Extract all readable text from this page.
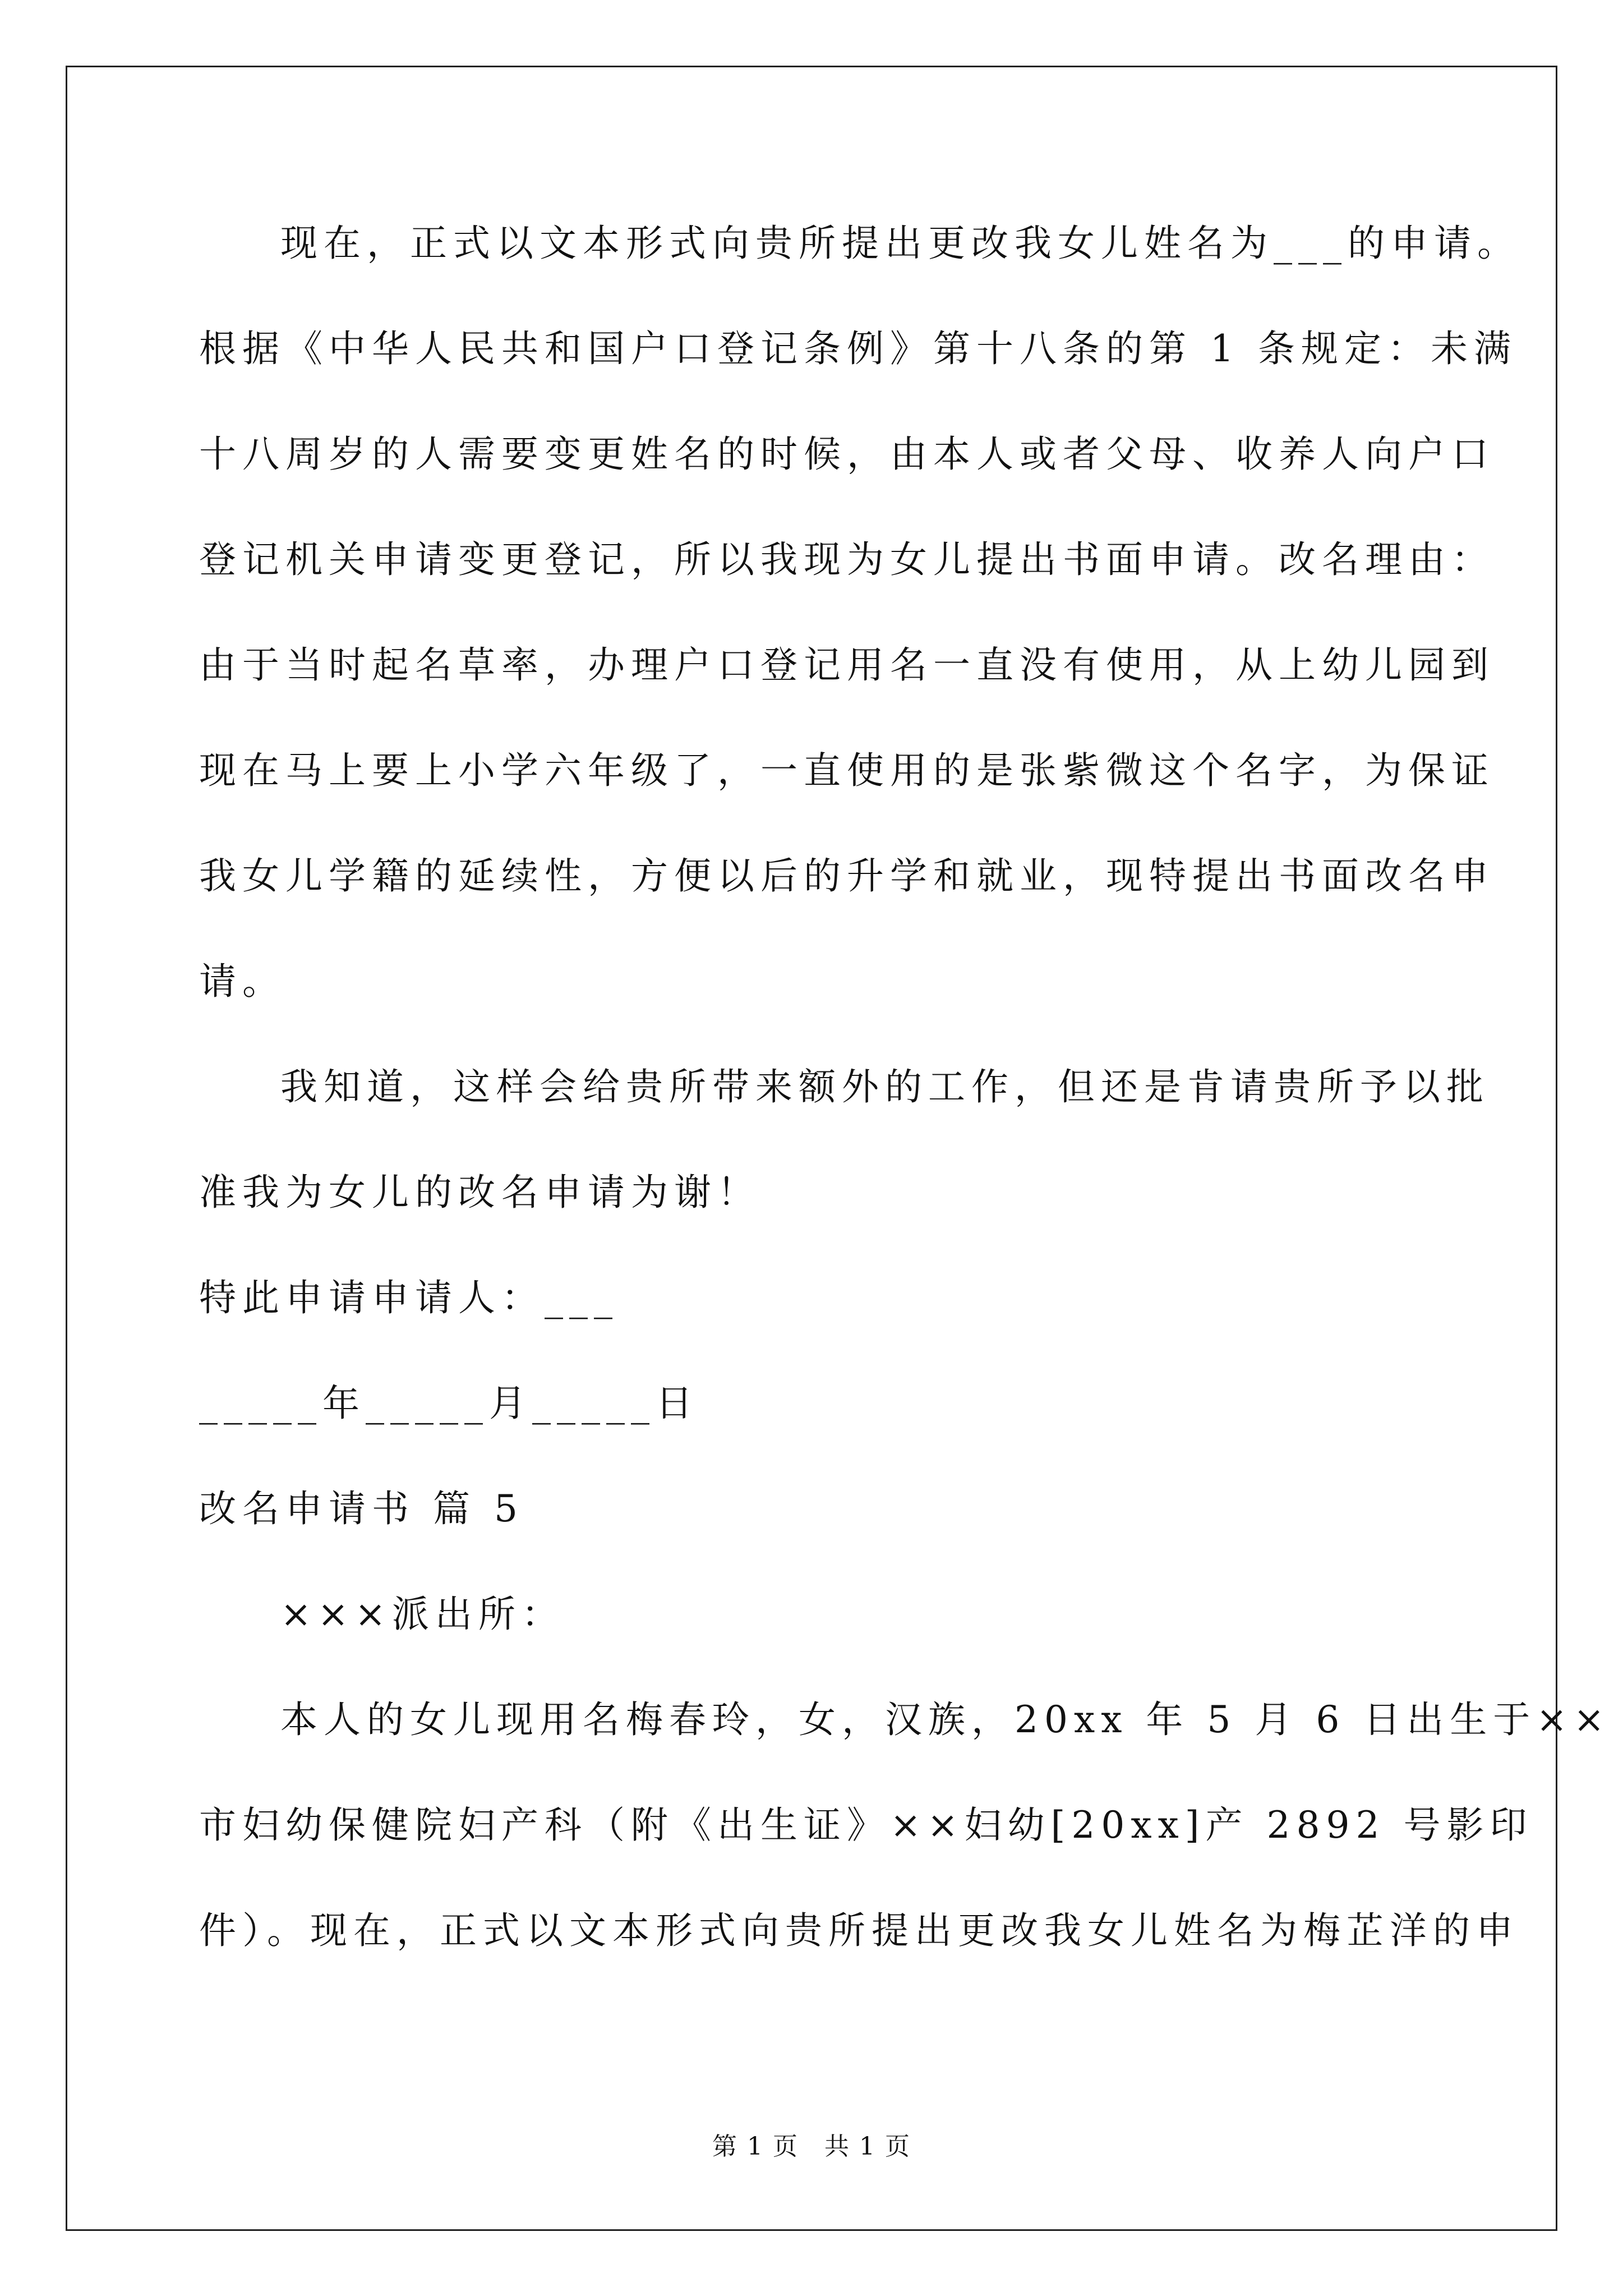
现在，正式以文本形式向贵所提出更改我女儿姓名为___的申请。
根据《中华人民共和国户口登记条例》第十八条的第 1 条规定：未满
十八周岁的人需要变更姓名的时候，由本人或者父母、收养人向户口
登记机关申请变更登记，所以我现为女儿提出书面申请。改名理由：
由于当时起名草率，办理户口登记用名一直没有使用，从上幼儿园到
现在马上要上小学六年级了，一直使用的是张紫微这个名字，为保证
我女儿学籍的延续性，方便以后的升学和就业，现特提出书面改名申
请。
我知道，这样会给贵所带来额外的工作，但还是肯请贵所予以批
准我为女儿的改名申请为谢！
特此申请申请人：___
_____年_____月_____日
改名申请书 篇 5
×××派出所：
本人的女儿现用名梅春玲，女，汉族，20xx 年 5 月 6 日出生于××
市妇幼保健院妇产科（附《出生证》××妇幼[20xx]产 2892 号影印
件）。现在，正式以文本形式向贵所提出更改我女儿姓名为梅芷洋的申
第 1 页　共 1 页
